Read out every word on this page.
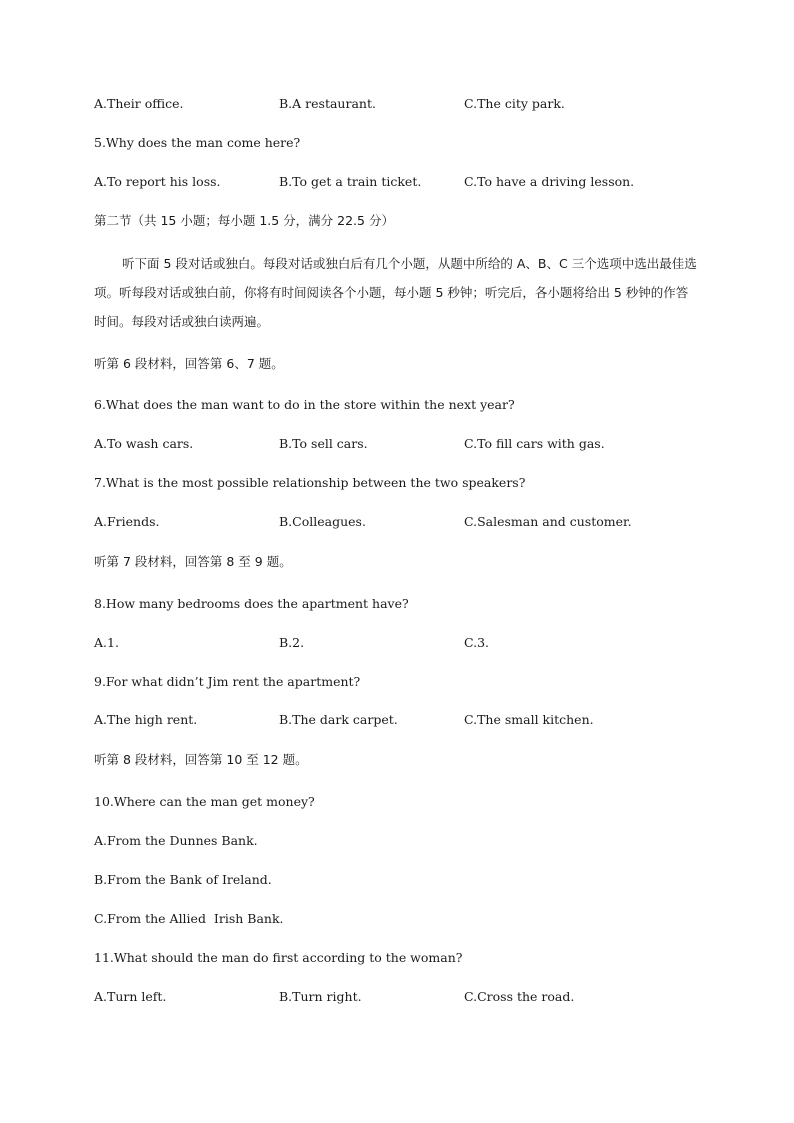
A.Their office.	B.A restaurant.	C.The city park.
5.Why does the man come here?
A.To report his loss.	B.To get a train ticket.	C.To have a driving lesson.
第二节（共 15 小题；每小题 1.5 分，满分 22.5 分）
听下面 5 段对话或独白。每段对话或独白后有几个小题，从题中所给的 A、B、C 三个选项中选出最佳选项。听每段对话或独白前，你将有时间阅读各个小题，每小题 5 秒钟；听完后，各小题将给出 5 秒钟的作答时间。每段对话或独白读两遍。
听第 6 段材料，回答第 6、7 题。
6.What does the man want to do in the store within the next year?
A.To wash cars.	B.To sell cars.	C.To fill cars with gas.
7.What is the most possible relationship between the two speakers?
A.Friends.	B.Colleagues.	C.Salesman and customer.
听第 7 段材料，回答第 8 至 9 题。
8.How many bedrooms does the apartment have?
A.1.	B.2.	C.3.
9.For what didn’t Jim rent the apartment?
A.The high rent.	B.The dark carpet.	C.The small kitchen.
听第 8 段材料，回答第 10 至 12 题。
10.Where can the man get money?
A.From the Dunnes Bank.
B.From the Bank of Ireland.
C.From the Allied  Irish Bank.
11.What should the man do first according to the woman?
A.Turn left.	B.Turn right.	C.Cross the road.
